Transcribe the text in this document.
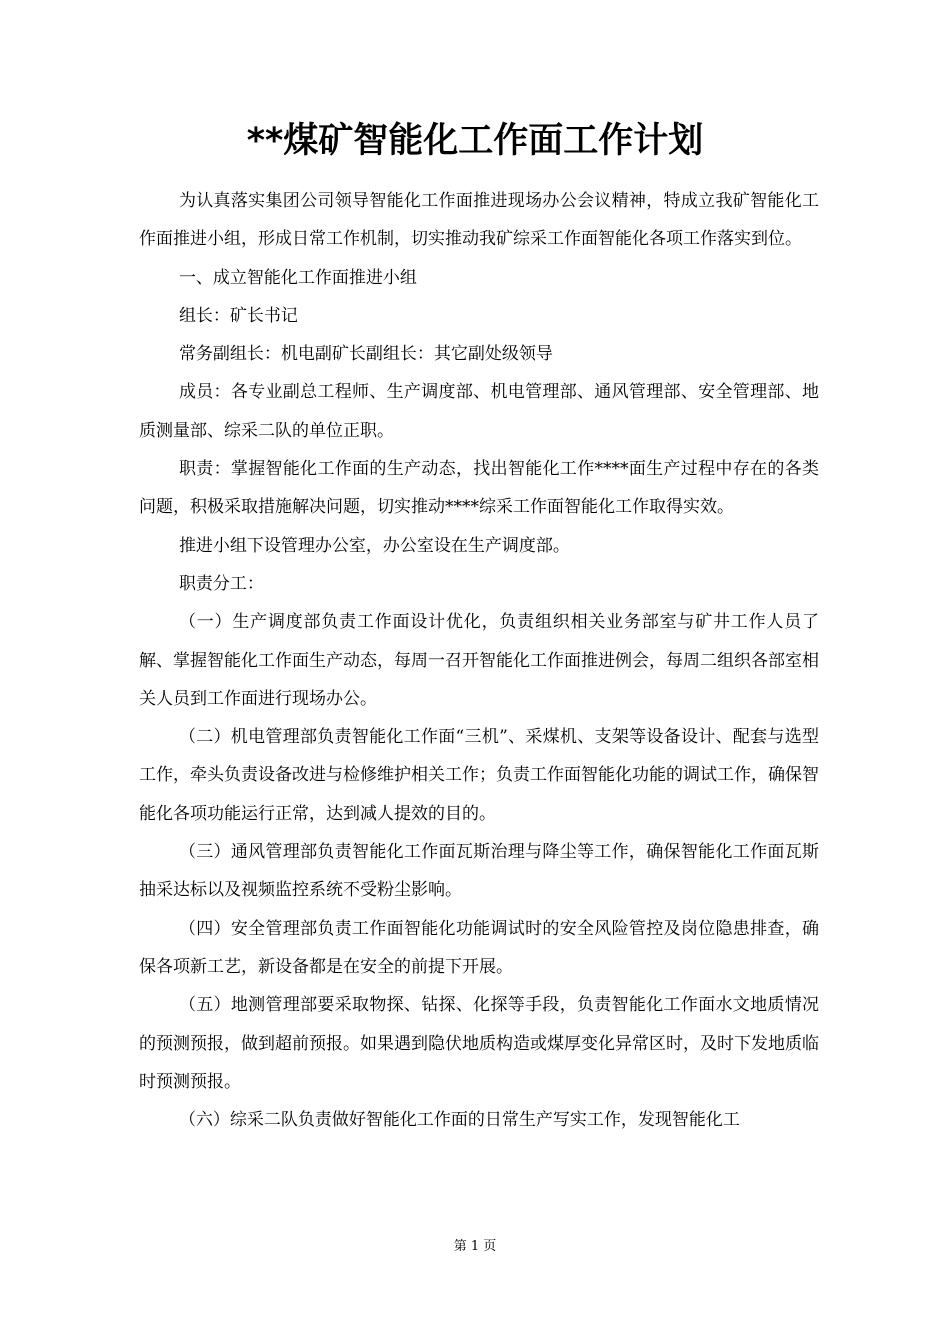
**煤矿智能化工作面工作计划

为认真落实集团公司领导智能化工作面推进现场办公会议精神，特成立我矿智能化工作面推进小组，形成日常工作机制，切实推动我矿综采工作面智能化各项工作落实到位。

一、成立智能化工作面推进小组

组长：矿长书记

常务副组长：机电副矿长副组长：其它副处级领导

成员：各专业副总工程师、生产调度部、机电管理部、通风管理部、安全管理部、地质测量部、综采二队的单位正职。

职责：掌握智能化工作面的生产动态，找出智能化工作****面生产过程中存在的各类问题，积极采取措施解决问题，切实推动****综采工作面智能化工作取得实效。

推进小组下设管理办公室，办公室设在生产调度部。

职责分工：

（一）生产调度部负责工作面设计优化，负责组织相关业务部室与矿井工作人员了解、掌握智能化工作面生产动态，每周一召开智能化工作面推进例会，每周二组织各部室相关人员到工作面进行现场办公。

（二）机电管理部负责智能化工作面“三机”、采煤机、支架等设备设计、配套与选型工作，牵头负责设备改进与检修维护相关工作；负责工作面智能化功能的调试工作，确保智能化各项功能运行正常，达到减人提效的目的。

（三）通风管理部负责智能化工作面瓦斯治理与降尘等工作，确保智能化工作面瓦斯抽采达标以及视频监控系统不受粉尘影响。

（四）安全管理部负责工作面智能化功能调试时的安全风险管控及岗位隐患排查，确保各项新工艺，新设备都是在安全的前提下开展。

（五）地测管理部要采取物探、钻探、化探等手段，负责智能化工作面水文地质情况的预测预报，做到超前预报。如果遇到隐伏地质构造或煤厚变化异常区时，及时下发地质临时预测预报。

（六）综采二队负责做好智能化工作面的日常生产写实工作，发现智能化工

第 1 页
